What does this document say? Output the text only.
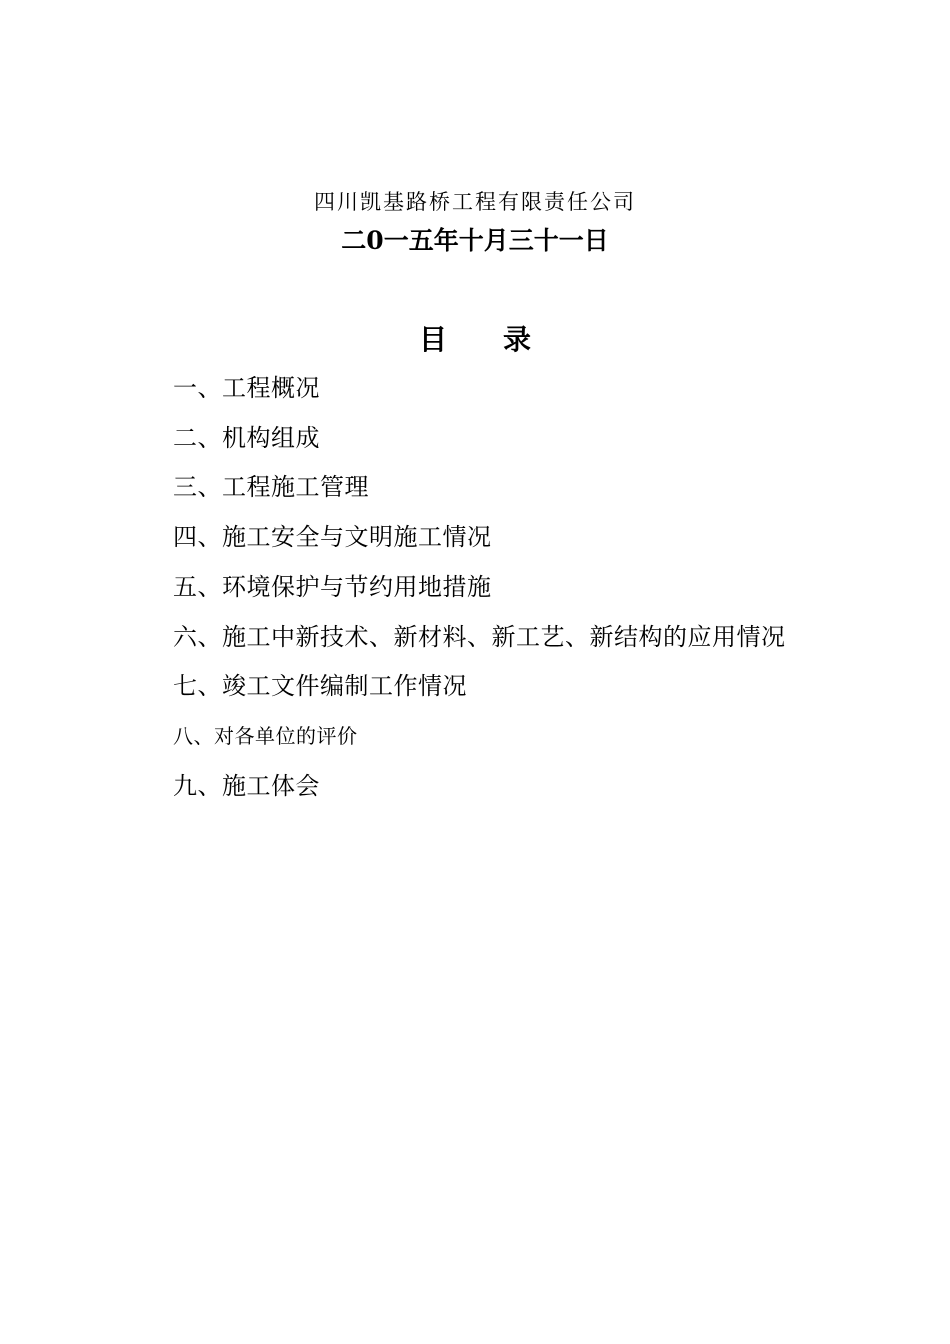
四川凯基路桥工程有限责任公司
二0一五年十月三十一日
目录
一、工程概况
二、机构组成
三、工程施工管理
四、施工安全与文明施工情况
五、环境保护与节约用地措施
六、施工中新技术、新材料、新工艺、新结构的应用情况
七、竣工文件编制工作情况
八、对各单位的评价
九、施工体会
